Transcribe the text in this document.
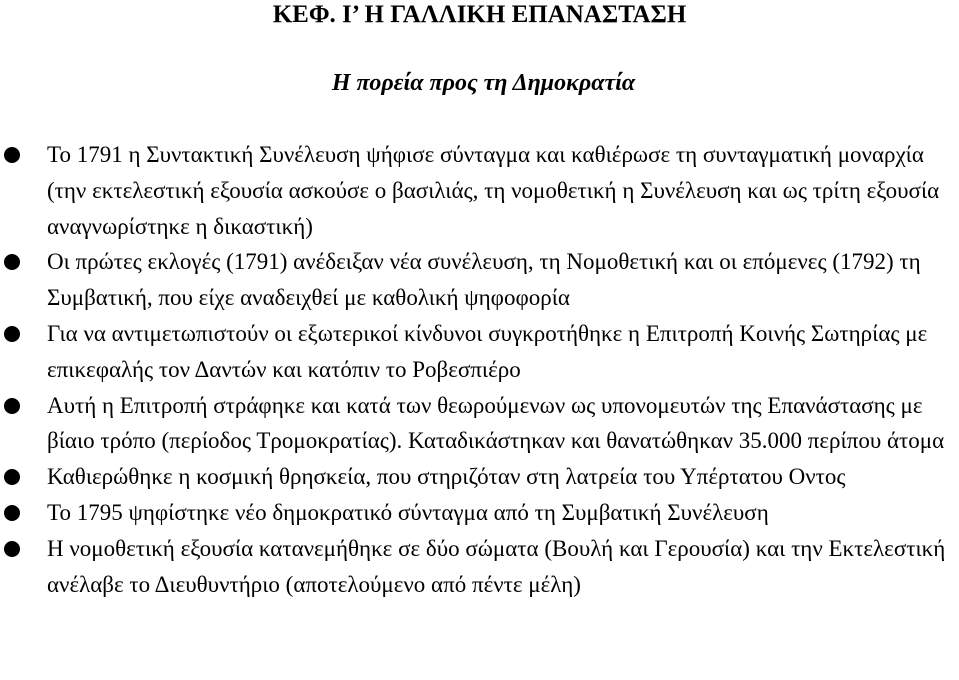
ΚΕΦ. Ι’ Η ΓΑΛΛΙΚΗ ΕΠΑΝΑΣΤΑΣΗ
Η πορεία προς τη Δημοκρατία
Το 1791 η Συντακτική Συνέλευση ψήφισε σύνταγμα και καθιέρωσε τη συνταγματική μοναρχία (την εκτελεστική εξουσία ασκούσε ο βασιλιάς, τη νομοθετική η Συνέλευση και ως τρίτη εξουσία αναγνωρίστηκε η δικαστική)
Οι πρώτες εκλογές (1791) ανέδειξαν νέα συνέλευση, τη Νομοθετική και οι επόμενες (1792) τη Συμβατική, που είχε αναδειχθεί με καθολική ψηφοφορία
Για να αντιμετωπιστούν οι εξωτερικοί κίνδυνοι συγκροτήθηκε η Επιτροπή Κοινής Σωτηρίας με επικεφαλής τον Δαντών και κατόπιν το Ροβεσπιέρο
Αυτή η Επιτροπή στράφηκε και κατά των θεωρούμενων ως υπονομευτών της Επανάστασης με βίαιο τρόπο (περίοδος Τρομοκρατίας). Καταδικάστηκαν και θανατώθηκαν 35.000 περίπου άτομα
Καθιερώθηκε η κοσμική θρησκεία, που στηριζόταν στη λατρεία του Υπέρτατου Οντος
Το 1795 ψηφίστηκε νέο δημοκρατικό σύνταγμα από τη Συμβατική Συνέλευση
Η νομοθετική εξουσία κατανεμήθηκε σε δύο σώματα (Βουλή και Γερουσία) και την Εκτελεστική ανέλαβε το Διευθυντήριο (αποτελούμενο από πέντε μέλη)
